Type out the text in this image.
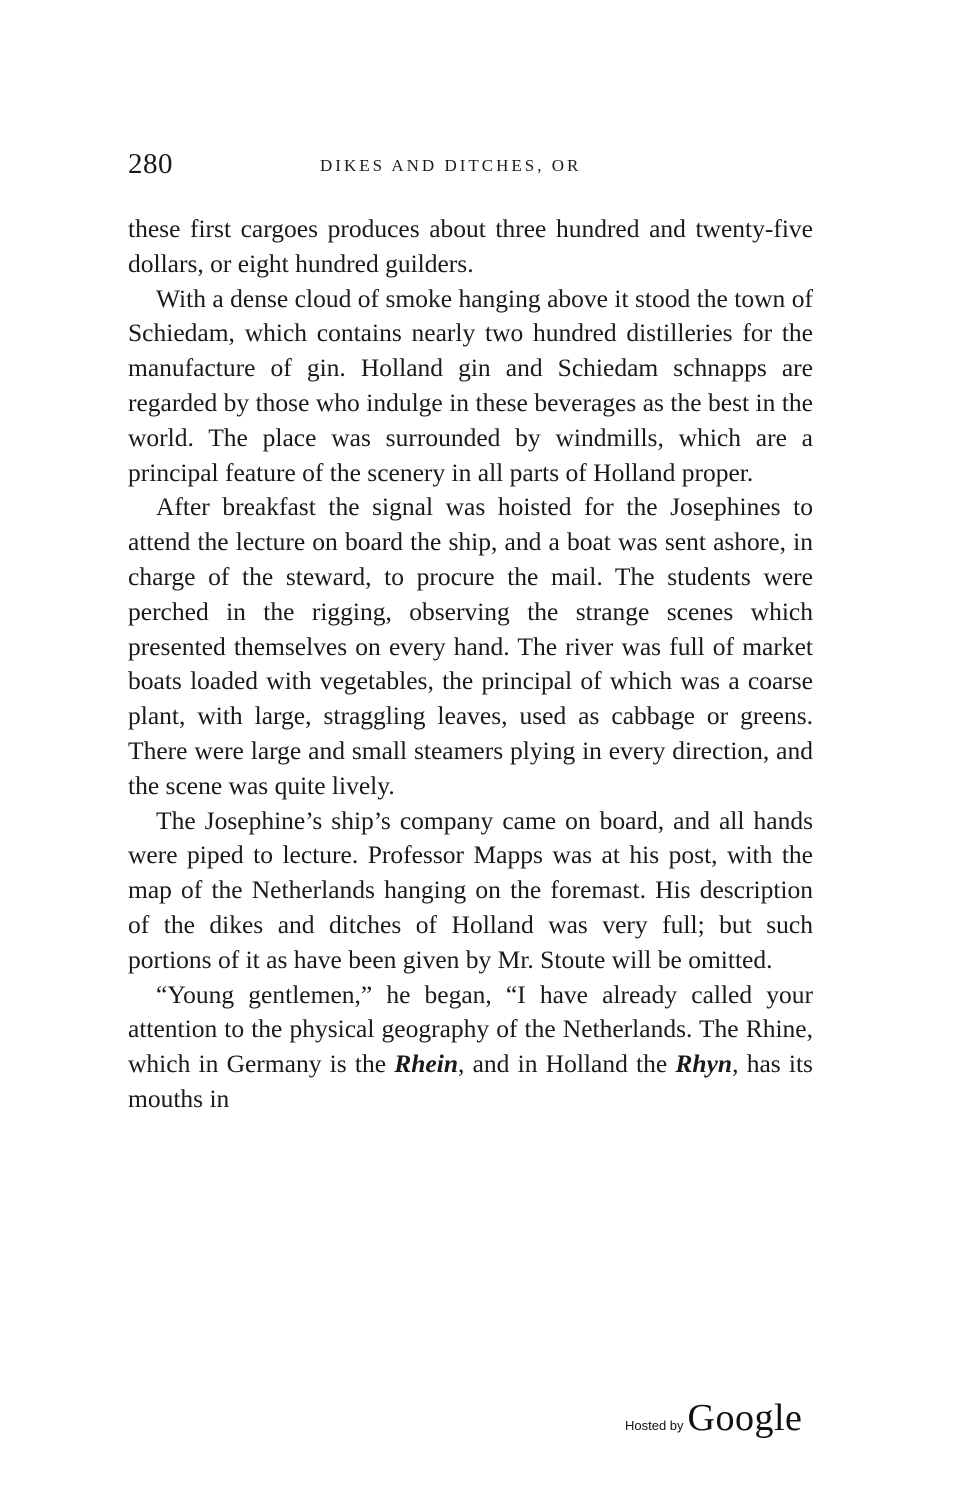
280	DIKES AND DITCHES, OR

these first cargoes produces about three hundred and twenty-five dollars, or eight hundred guilders.

With a dense cloud of smoke hanging above it stood the town of Schiedam, which contains nearly two hundred distilleries for the manufacture of gin. Holland gin and Schiedam schnapps are regarded by those who indulge in these beverages as the best in the world. The place was surrounded by windmills, which are a principal feature of the scenery in all parts of Holland proper.

After breakfast the signal was hoisted for the Josephines to attend the lecture on board the ship, and a boat was sent ashore, in charge of the steward, to procure the mail. The students were perched in the rigging, observing the strange scenes which presented themselves on every hand. The river was full of market boats loaded with vegetables, the principal of which was a coarse plant, with large, straggling leaves, used as cabbage or greens. There were large and small steamers plying in every direction, and the scene was quite lively.

The Josephine’s ship’s company came on board, and all hands were piped to lecture. Professor Mapps was at his post, with the map of the Netherlands hanging on the foremast. His description of the dikes and ditches of Holland was very full; but such portions of it as have been given by Mr. Stoute will be omitted.

“Young gentlemen,” he began, “I have already called your attention to the physical geography of the Netherlands. The Rhine, which in Germany is the Rhein, and in Holland the Rhyn, has its mouths in

Hosted by Google
